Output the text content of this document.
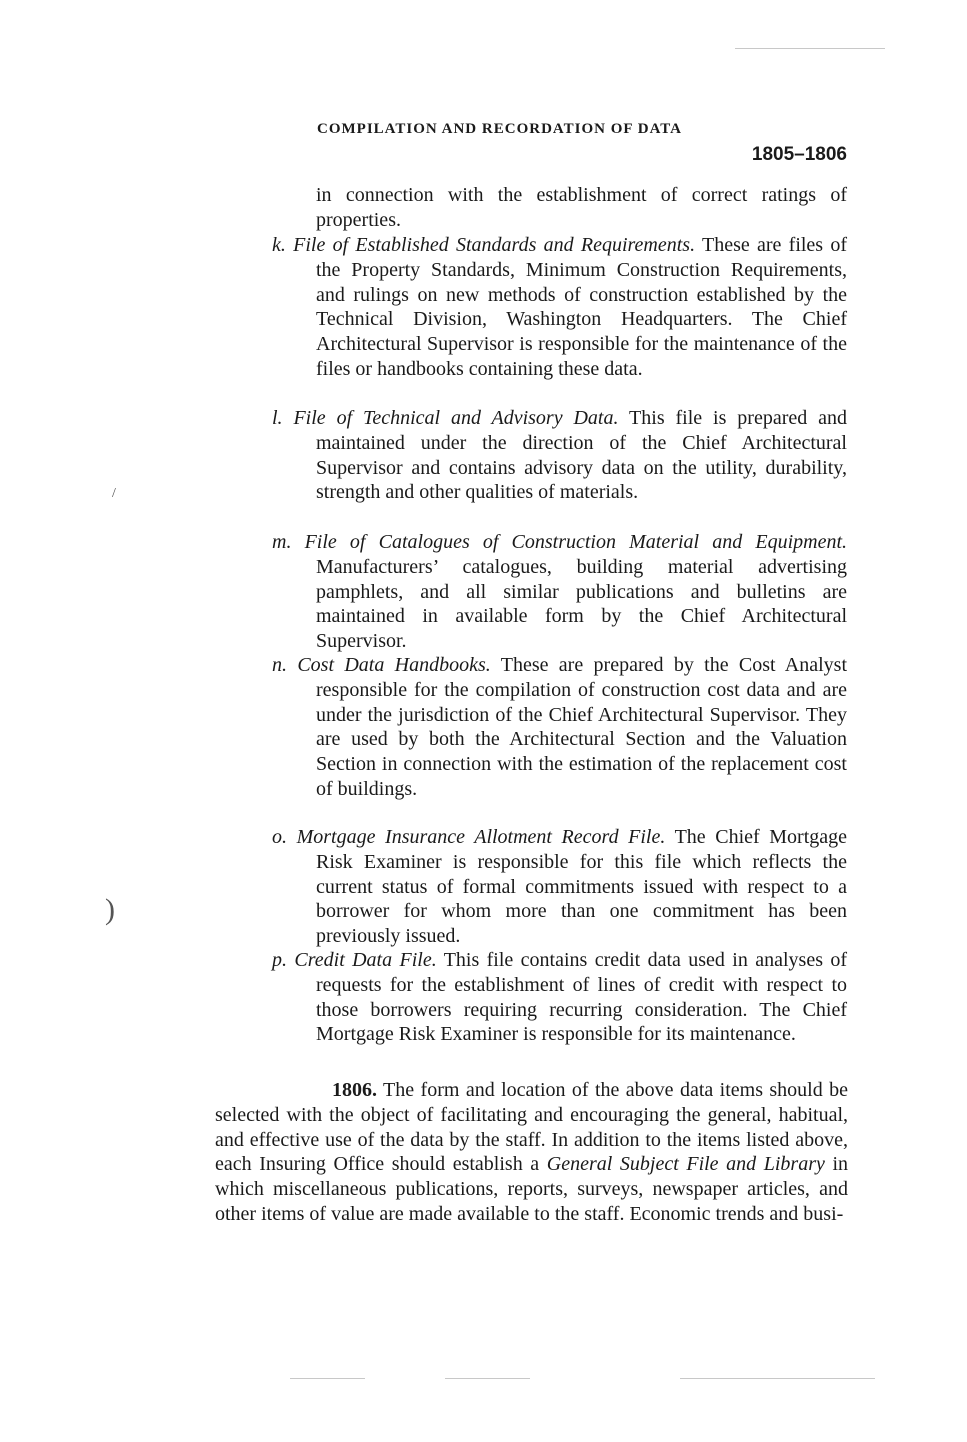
COMPILATION AND RECORDATION OF DATA
1805–1806
in connection with the establishment of correct ratings of properties.
k. File of Established Standards and Requirements. These are files of the Property Standards, Minimum Construction Requirements, and rulings on new methods of construction established by the Technical Division, Washington Headquarters. The Chief Architectural Supervisor is responsible for the maintenance of the files or handbooks containing these data.
l. File of Technical and Advisory Data. This file is prepared and maintained under the direction of the Chief Architectural Supervisor and contains advisory data on the utility, durability, strength and other qualities of materials.
m. File of Catalogues of Construction Material and Equipment. Manufacturers’ catalogues, building material advertising pamphlets, and all similar publications and bulletins are maintained in available form by the Chief Architectural Supervisor.
n. Cost Data Handbooks. These are prepared by the Cost Analyst responsible for the compilation of construction cost data and are under the jurisdiction of the Chief Architectural Supervisor. They are used by both the Architectural Section and the Valuation Section in connection with the estimation of the replacement cost of buildings.
o. Mortgage Insurance Allotment Record File. The Chief Mortgage Risk Examiner is responsible for this file which reflects the current status of formal commitments issued with respect to a borrower for whom more than one commitment has been previously issued.
p. Credit Data File. This file contains credit data used in analyses of requests for the establishment of lines of credit with respect to those borrowers requiring recurring consideration. The Chief Mortgage Risk Examiner is responsible for its maintenance.
1806. The form and location of the above data items should be selected with the object of facilitating and encouraging the general, habitual, and effective use of the data by the staff. In addition to the items listed above, each Insuring Office should establish a General Subject File and Library in which miscellaneous publications, reports, surveys, newspaper articles, and other items of value are made available to the staff. Economic trends and busi-
/
)
